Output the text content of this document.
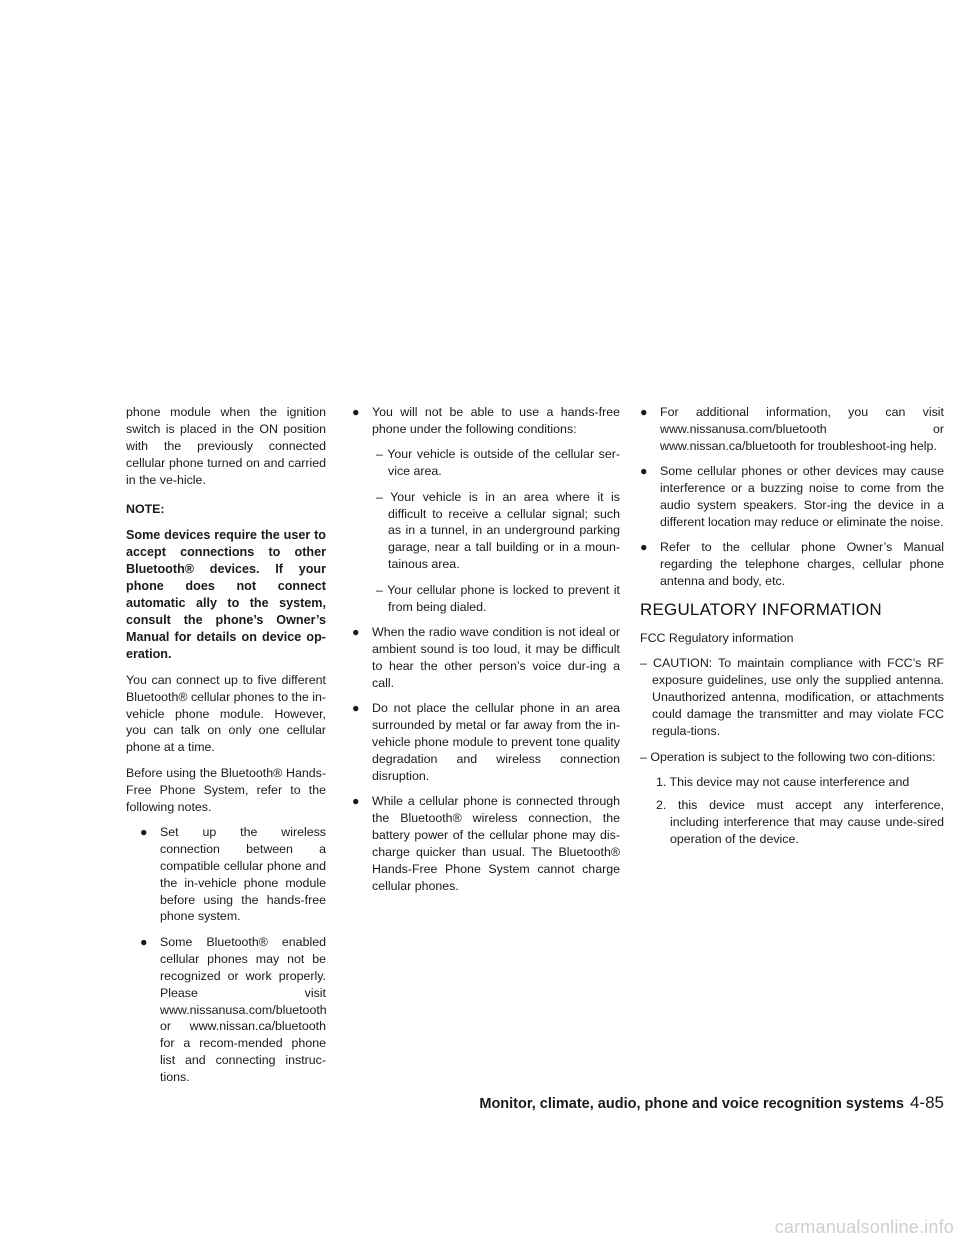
phone module when the ignition switch is placed in the ON position with the previously connected cellular phone turned on and carried in the ve-hicle.

NOTE:

Some devices require the user to accept connections to other Bluetooth® devices. If your phone does not connect automatic ally to the system, consult the phone’s Owner’s Manual for details on device op-eration.

You can connect up to five different Bluetooth® cellular phones to the in-vehicle phone module. However, you can talk on only one cellular phone at a time.

Before using the Bluetooth® Hands-Free Phone System, refer to the following notes.

● Set up the wireless connection between a compatible cellular phone and the in-vehicle phone module before using the hands-free phone system.
● Some Bluetooth® enabled cellular phones may not be recognized or work properly. Please visit www.nissanusa.com/bluetooth or www.nissan.ca/bluetooth for a recom-mended phone list and connecting instruc-tions.
● You will not be able to use a hands-free phone under the following conditions:
– Your vehicle is outside of the cellular ser-vice area.
– Your vehicle is in an area where it is difficult to receive a cellular signal; such as in a tunnel, in an underground parking garage, near a tall building or in a moun-tainous area.
– Your cellular phone is locked to prevent it from being dialed.
● When the radio wave condition is not ideal or ambient sound is too loud, it may be difficult to hear the other person’s voice dur-ing a call.
● Do not place the cellular phone in an area surrounded by metal or far away from the in-vehicle phone module to prevent tone quality degradation and wireless connection disruption.
● While a cellular phone is connected through the Bluetooth® wireless connection, the battery power of the cellular phone may dis-charge quicker than usual. The Bluetooth® Hands-Free Phone System cannot charge cellular phones.
● For additional information, you can visit www.nissanusa.com/bluetooth or www.nissan.ca/bluetooth for troubleshoot-ing help.
● Some cellular phones or other devices may cause interference or a buzzing noise to come from the audio system speakers. Stor-ing the device in a different location may reduce or eliminate the noise.
● Refer to the cellular phone Owner’s Manual regarding the telephone charges, cellular phone antenna and body, etc.
REGULATORY INFORMATION

FCC Regulatory information

– CAUTION: To maintain compliance with FCC’s RF exposure guidelines, use only the supplied antenna. Unauthorized antenna, modification, or attachments could damage the transmitter and may violate FCC regula-tions.
– Operation is subject to the following two con-ditions:
1. This device may not cause interference and
2. this device must accept any interference, including interference that may cause unde-sired operation of the device.
Monitor, climate, audio, phone and voice recognition systems 4-85
carmanualsonline.info
